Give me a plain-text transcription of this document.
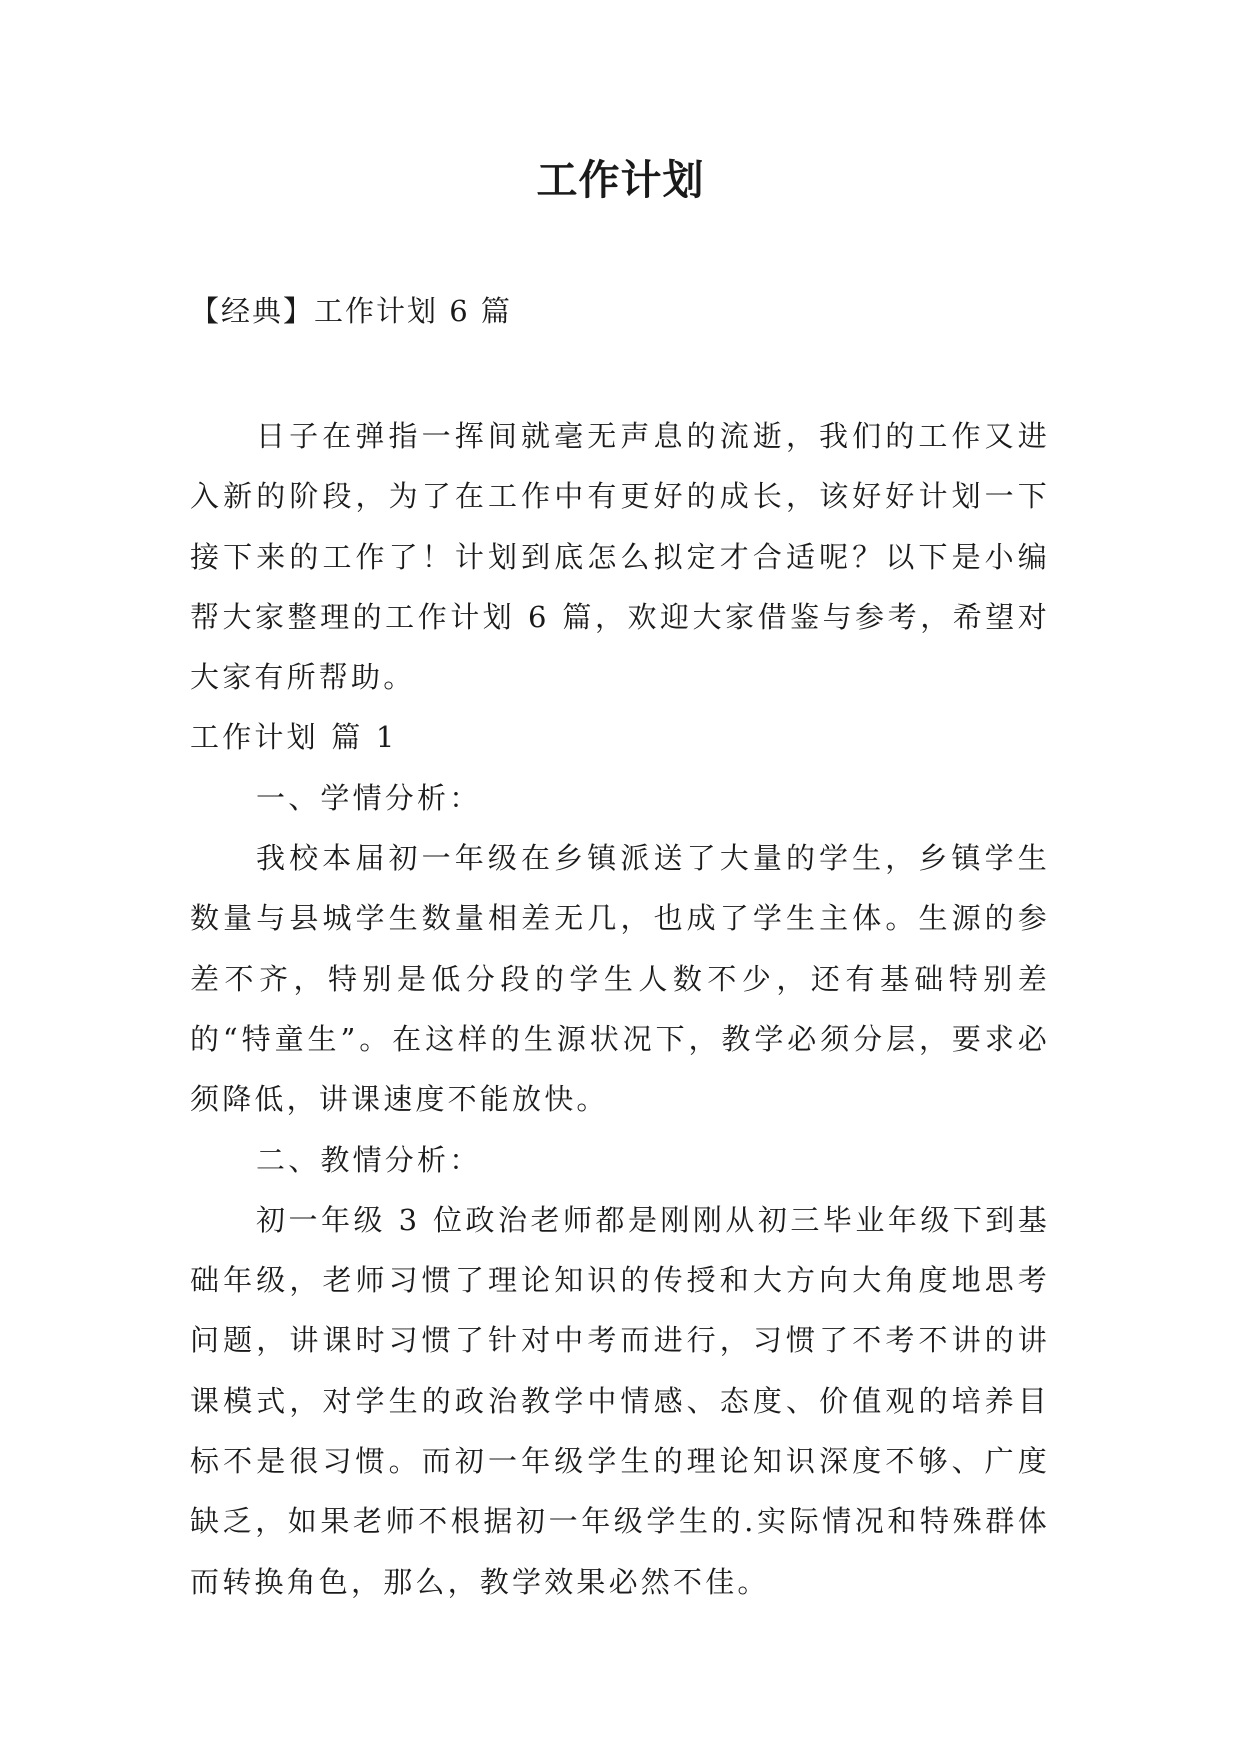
工作计划
【经典】工作计划 6 篇

日子在弹指一挥间就毫无声息的流逝，我们的工作又进入新的阶段，为了在工作中有更好的成长，该好好计划一下接下来的工作了！计划到底怎么拟定才合适呢？以下是小编帮大家整理的工作计划 6 篇，欢迎大家借鉴与参考，希望对大家有所帮助。

工作计划 篇 1

一、学情分析：

我校本届初一年级在乡镇派送了大量的学生，乡镇学生数量与县城学生数量相差无几，也成了学生主体。生源的参差不齐，特别是低分段的学生人数不少，还有基础特别差的“特童生”。在这样的生源状况下，教学必须分层，要求必须降低，讲课速度不能放快。

二、教情分析：

初一年级 3 位政治老师都是刚刚从初三毕业年级下到基础年级，老师习惯了理论知识的传授和大方向大角度地思考问题，讲课时习惯了针对中考而进行，习惯了不考不讲的讲课模式，对学生的政治教学中情感、态度、价值观的培养目标不是很习惯。而初一年级学生的理论知识深度不够、广度缺乏，如果老师不根据初一年级学生的.实际情况和特殊群体而转换角色，那么，教学效果必然不佳。
